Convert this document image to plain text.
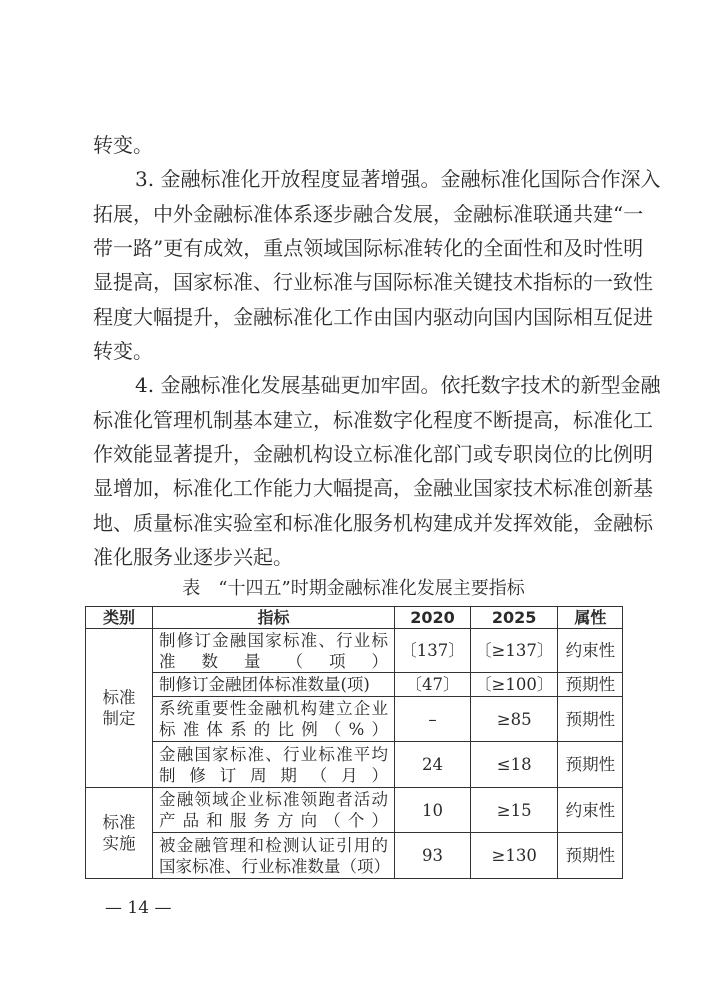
转变。
3. 金融标准化开放程度显著增强。金融标准化国际合作深入
拓展，中外金融标准体系逐步融合发展，金融标准联通共建“一
带一路”更有成效，重点领域国际标准转化的全面性和及时性明
显提高，国家标准、行业标准与国际标准关键技术指标的一致性
程度大幅提升，金融标准化工作由国内驱动向国内国际相互促进
转变。
4. 金融标准化发展基础更加牢固。依托数字技术的新型金融
标准化管理机制基本建立，标准数字化程度不断提高，标准化工
作效能显著提升，金融机构设立标准化部门或专职岗位的比例明
显增加，标准化工作能力大幅提高，金融业国家技术标准创新基
地、质量标准实验室和标准化服务机构建成并发挥效能，金融标
准化服务业逐步兴起。
表　“十四五”时期金融标准化发展主要指标
类别	指标	2020	2025	属性
标准制定	制修订金融国家标准、行业标准数量（项）	〔137〕	〔≥137〕	约束性
	制修订金融团体标准数量(项)	〔47〕	〔≥100〕	预期性
	系统重要性金融机构建立企业标准体系的比例（%）	–	≥85	预期性
	金融国家标准、行业标准平均制修订周期（月）	24	≤18	预期性
标准实施	金融领域企业标准领跑者活动产品和服务方向（个）	10	≥15	约束性
	被金融管理和检测认证引用的国家标准、行业标准数量（项）	93	≥130	预期性
— 14 —
